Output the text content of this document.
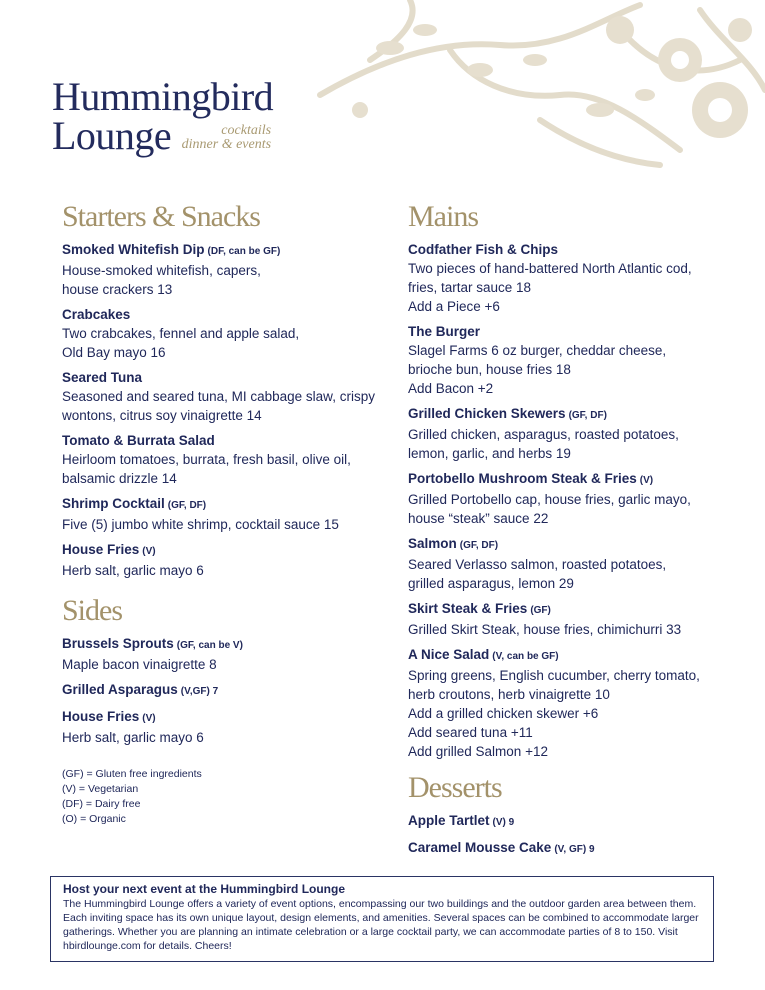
Hummingbird
Lounge	cocktails
dinner & events
Starters & Snacks
Smoked Whitefish Dip (DF, can be GF)
House-smoked whitefish, capers,
house crackers 13
Crabcakes
Two crabcakes, fennel and apple salad,
Old Bay mayo 16
Seared Tuna
Seasoned and seared tuna, MI cabbage slaw, crispy
wontons, citrus soy vinaigrette 14
Tomato & Burrata Salad
Heirloom tomatoes, burrata, fresh basil, olive oil,
balsamic drizzle 14
Shrimp Cocktail (GF, DF)
Five (5) jumbo white shrimp, cocktail sauce 15
House Fries (V)
Herb salt, garlic mayo 6
Sides
Brussels Sprouts (GF, can be V)
Maple bacon vinaigrette 8
Grilled Asparagus (V,GF) 7
House Fries (V)
Herb salt, garlic mayo 6
(GF) = Gluten free ingredients
(V) = Vegetarian
(DF) = Dairy free
(O) = Organic
Mains
Codfather Fish & Chips
Two pieces of hand-battered North Atlantic cod,
fries, tartar sauce 18
Add a Piece +6
The Burger
Slagel Farms 6 oz burger, cheddar cheese,
brioche bun, house fries 18
Add Bacon +2
Grilled Chicken Skewers (GF, DF)
Grilled chicken, asparagus, roasted potatoes,
lemon, garlic, and herbs 19
Portobello Mushroom Steak & Fries (V)
Grilled Portobello cap, house fries, garlic mayo,
house “steak” sauce 22
Salmon (GF, DF)
Seared Verlasso salmon, roasted potatoes,
grilled asparagus, lemon 29
Skirt Steak & Fries (GF)
Grilled Skirt Steak, house fries, chimichurri 33
A Nice Salad (V, can be GF)
Spring greens, English cucumber, cherry tomato,
herb croutons, herb vinaigrette 10
Add a grilled chicken skewer +6
Add seared tuna +11
Add grilled Salmon +12
Desserts
Apple Tartlet (V) 9
Caramel Mousse Cake (V, GF) 9
Host your next event at the Hummingbird Lounge
The Hummingbird Lounge offers a variety of event options, encompassing our two buildings and the outdoor garden area between them. Each inviting space has its own unique layout, design elements, and amenities. Several spaces can be combined to accommodate larger gatherings. Whether you are planning an intimate celebration or a large cocktail party, we can accommodate parties of 8 to 150. Visit hbirdlounge.com for details. Cheers!
